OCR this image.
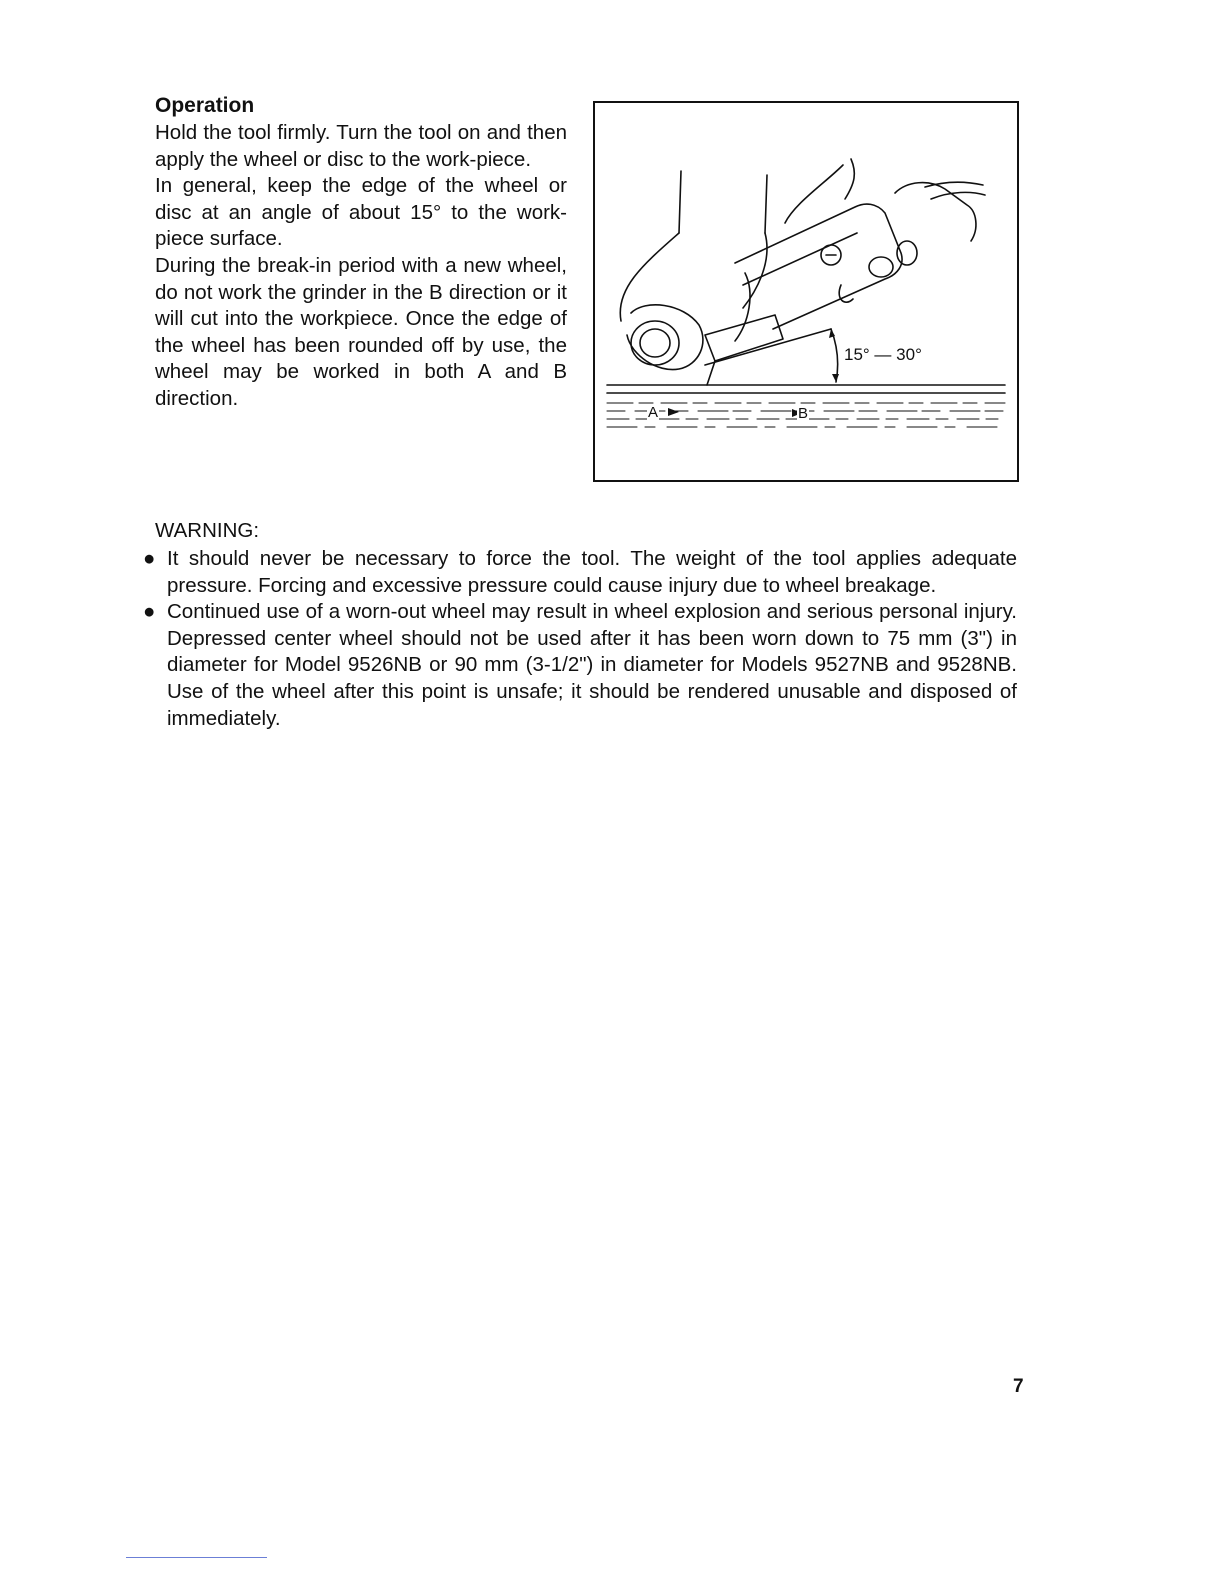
Operation

Hold the tool firmly. Turn the tool on and then apply the wheel or disc to the work-piece.

In general, keep the edge of the wheel or disc at an angle of about 15° to the work-piece surface.

During the break-in period with a new wheel, do not work the grinder in the B direction or it will cut into the workpiece. Once the edge of the wheel has been rounded off by use, the wheel may be worked in both A and B direction.

15° — 30°
A	B
WARNING:
● It should never be necessary to force the tool. The weight of the tool applies adequate pressure. Forcing and excessive pressure could cause injury due to wheel breakage.
● Continued use of a worn-out wheel may result in wheel explosion and serious personal injury. Depressed center wheel should not be used after it has been worn down to 75 mm (3") in diameter for Model 9526NB or 90 mm (3-1/2") in diameter for Models 9527NB and 9528NB. Use of the wheel after this point is unsafe; it should be rendered unusable and disposed of immediately.
7
